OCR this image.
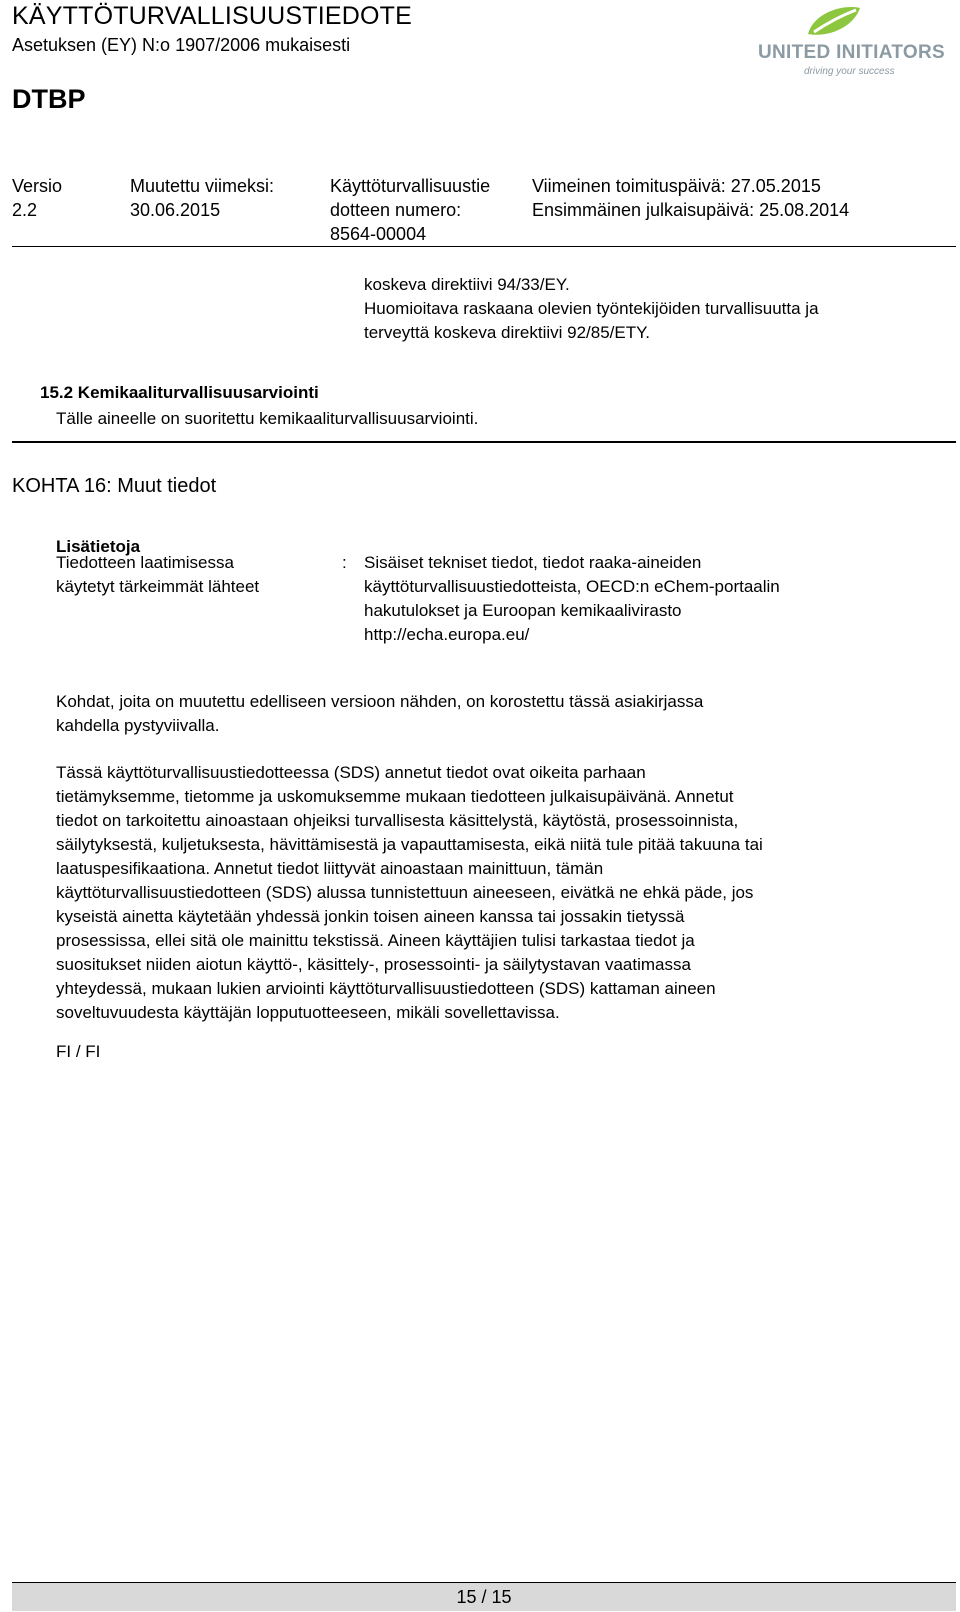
KÄYTTÖTURVALLISUUSTIEDOTE
Asetuksen (EY) N:o 1907/2006 mukaisesti
DTBP
UNITED INITIATORS
driving your success
Versio
2.2
Muutettu viimeksi:
30.06.2015
Käyttöturvallisuustie
dotteen numero:
8564-00004
Viimeinen toimituspäivä: 27.05.2015
Ensimmäinen julkaisupäivä: 25.08.2014
koskeva direktiivi 94/33/EY.
Huomioitava raskaana olevien työntekijöiden turvallisuutta ja
terveyttä koskeva direktiivi 92/85/ETY.
15.2 Kemikaaliturvallisuusarviointi
Tälle aineelle on suoritettu kemikaaliturvallisuusarviointi.
KOHTA 16: Muut tiedot
Lisätietoja
Tiedotteen laatimisessa
käytetyt tärkeimmät lähteet
: Sisäiset tekniset tiedot, tiedot raaka-aineiden
käyttöturvallisuustiedotteista, OECD:n eChem-portaalin
hakutulokset ja Euroopan kemikaalivirasto
http://echa.europa.eu/
Kohdat, joita on muutettu edelliseen versioon nähden, on korostettu tässä asiakirjassa
kahdella pystyviivalla.
Tässä käyttöturvallisuustiedotteessa (SDS) annetut tiedot ovat oikeita parhaan
tietämyksemme, tietomme ja uskomuksemme mukaan tiedotteen julkaisupäivänä. Annetut
tiedot on tarkoitettu ainoastaan ohjeiksi turvallisesta käsittelystä, käytöstä, prosessoinnista,
säilytyksestä, kuljetuksesta, hävittämisestä ja vapauttamisesta, eikä niitä tule pitää takuuna tai
laatuspesifikaationa. Annetut tiedot liittyvät ainoastaan mainittuun, tämän
käyttöturvallisuustiedotteen (SDS) alussa tunnistettuun aineeseen, eivätkä ne ehkä päde, jos
kyseistä ainetta käytetään yhdessä jonkin toisen aineen kanssa tai jossakin tietyssä
prosessissa, ellei sitä ole mainittu tekstissä. Aineen käyttäjien tulisi tarkastaa tiedot ja
suositukset niiden aiotun käyttö-, käsittely-, prosessointi- ja säilytystavan vaatimassa
yhteydessä, mukaan lukien arviointi käyttöturvallisuustiedotteen (SDS) kattaman aineen
soveltuvuudesta käyttäjän lopputuotteeseen, mikäli sovellettavissa.
FI / FI
15 / 15
